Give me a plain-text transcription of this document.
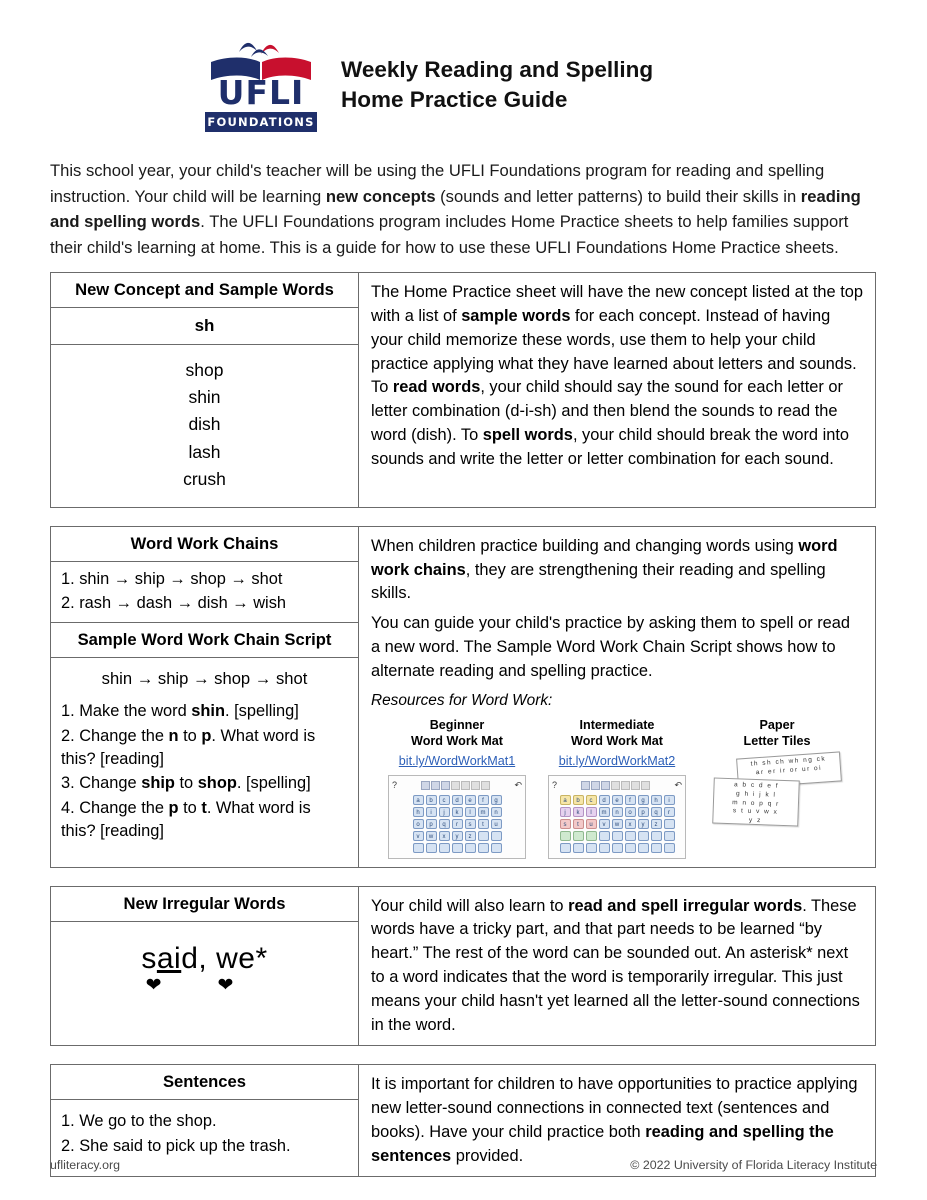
UFLI
FOUNDATIONS
Weekly Reading and Spelling
Home Practice Guide
This school year, your child's teacher will be using the UFLI Foundations program for reading and spelling instruction. Your child will be learning new concepts (sounds and letter patterns) to build their skills in reading and spelling words. The UFLI Foundations program includes Home Practice sheets to help families support their child's learning at home. This is a guide for how to use these UFLI Foundations Home Practice sheets.
New Concept and Sample Words
sh
shop
shin
dish
lash
crush
The Home Practice sheet will have the new concept listed at the top with a list of sample words for each concept. Instead of having your child memorize these words, use them to help your child practice applying what they have learned about letters and sounds. To read words, your child should say the sound for each letter or letter combination (d-i-sh) and then blend the sounds to read the word (dish). To spell words, your child should break the word into sounds and write the letter or letter combination for each sound.
Word Work Chains
1. shin → ship → shop → shot
2. rash → dash → dish → wish
Sample Word Work Chain Script
shin → ship → shop → shot
1. Make the word shin. [spelling]
2. Change the n to p. What word is this? [reading]
3. Change ship to shop. [spelling]
4. Change the p to t. What word is this? [reading]
When children practice building and changing words using word work chains, they are strengthening their reading and spelling skills.
You can guide your child's practice by asking them to spell or read a new word. The Sample Word Work Chain Script shows how to alternate reading and spelling practice.
Resources for Word Work:
Beginner
Word Work Mat
bit.ly/WordWorkMat1
?	↶
a	b	c	d	e	f	g
h	i	j	k	l	m	n
o	p	q	r	s	t	u
v	w	x	y	z

Intermediate
Word Work Mat
bit.ly/WordWorkMat2
?	↶
a	b	c	d	e	f	g	h	i
j	k	l	m	n	o	p	q	r
s	t	u	v	w	x	y	z

Paper
Letter Tiles
th sh ch wh ng ck
ar er ir or ur oi
a b c d e f
g h i j k l
m n o p q r
s t u v w x
y z
New Irregular Words
said, we*
❤❤
Your child will also learn to read and spell irregular words. These words have a tricky part, and that part needs to be learned “by heart.” The rest of the word can be sounded out. An asterisk* next to a word indicates that the word is temporarily irregular. This just means your child hasn't yet learned all the letter-sound connections in the word.
Sentences
1. We go to the shop.
2. She said to pick up the trash.
It is important for children to have opportunities to practice applying new letter-sound connections in connected text (sentences and books). Have your child practice both reading and spelling the sentences provided.
ufliteracy.org	© 2022 University of Florida Literacy Institute
